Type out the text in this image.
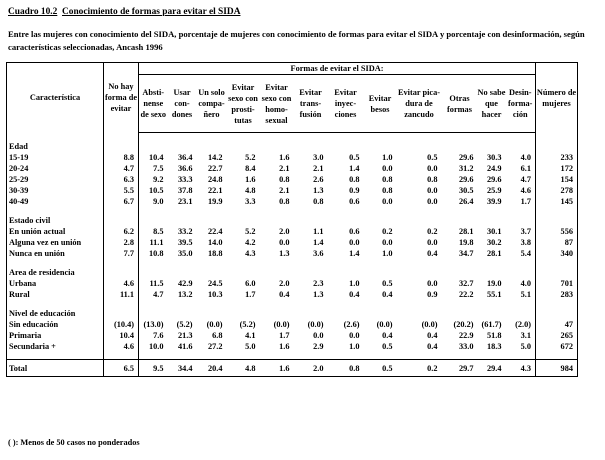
Cuadro 10.2 Conocimiento de formas para evitar el SIDA
Entre las mujeres con conocimiento del SIDA, porcentaje de mujeres con conocimiento de formas para evitar el SIDA y porcentaje con desinformación, según características seleccionadas, Ancash 1996
Característica	No hay forma de evitar	Formas de evitar el SIDA:												Número de mujeres
		Absti-nense de sexo	Usar con-dones	Un solo compa-ñero	Evitar sexo con prosti-tutas	Evitar sexo con homo-sexual	Evitar trans-fusión	Evitar inyec-ciones	Evitar besos	Evitar pica-dura de zancudo	Otras formas	No sabe que hacer	Desin-forma-ción	

Edad														
15-19	8.8	10.4	36.4	14.2	5.2	1.6	3.0	0.5	1.0	0.5	29.6	30.3	4.0	233
20-24	4.7	7.5	36.6	22.7	8.4	2.1	2.1	1.4	0.0	0.0	31.2	24.9	6.1	172
25-29	6.3	9.2	33.3	24.8	1.6	0.8	2.6	0.8	0.8	0.8	29.6	29.6	4.7	154
30-39	5.5	10.5	37.8	22.1	4.8	2.1	1.3	0.9	0.8	0.0	30.5	25.9	4.6	278
40-49	6.7	9.0	23.1	19.9	3.3	0.8	0.8	0.6	0.0	0.0	26.4	39.9	1.7	145

Estado civil														
En unión actual	6.2	8.5	33.2	22.4	5.2	2.0	1.1	0.6	0.2	0.2	28.1	30.1	3.7	556
Alguna vez en unión	2.8	11.1	39.5	14.0	4.2	0.0	1.4	0.0	0.0	0.0	19.8	30.2	3.8	87
Nunca en unión	7.7	10.8	35.0	18.8	4.3	1.3	3.6	1.4	1.0	0.4	34.7	28.1	5.4	340

Area de residencia														
Urbana	4.6	11.5	42.9	24.5	6.0	2.0	2.3	1.0	0.5	0.0	32.7	19.0	4.0	701
Rural	11.1	4.7	13.2	10.3	1.7	0.4	1.3	0.4	0.4	0.9	22.2	55.1	5.1	283

Nivel de educación														
Sin educación	(10.4)	(13.0)	(5.2)	(0.0)	(5.2)	(0.0)	(0.0)	(2.6)	(0.0)	(0.0)	(20.2)	(61.7)	(2.0)	47
Primaria	10.4	7.6	21.3	6.8	4.1	1.7	0.0	0.0	0.4	0.4	22.9	51.8	3.1	265
Secundaria +	4.6	10.0	41.6	27.2	5.0	1.6	2.9	1.0	0.5	0.4	33.0	18.3	5.0	672

Total	6.5	9.5	34.4	20.4	4.8	1.6	2.0	0.8	0.5	0.2	29.7	29.4	4.3	984
( ): Menos de 50 casos no ponderados
